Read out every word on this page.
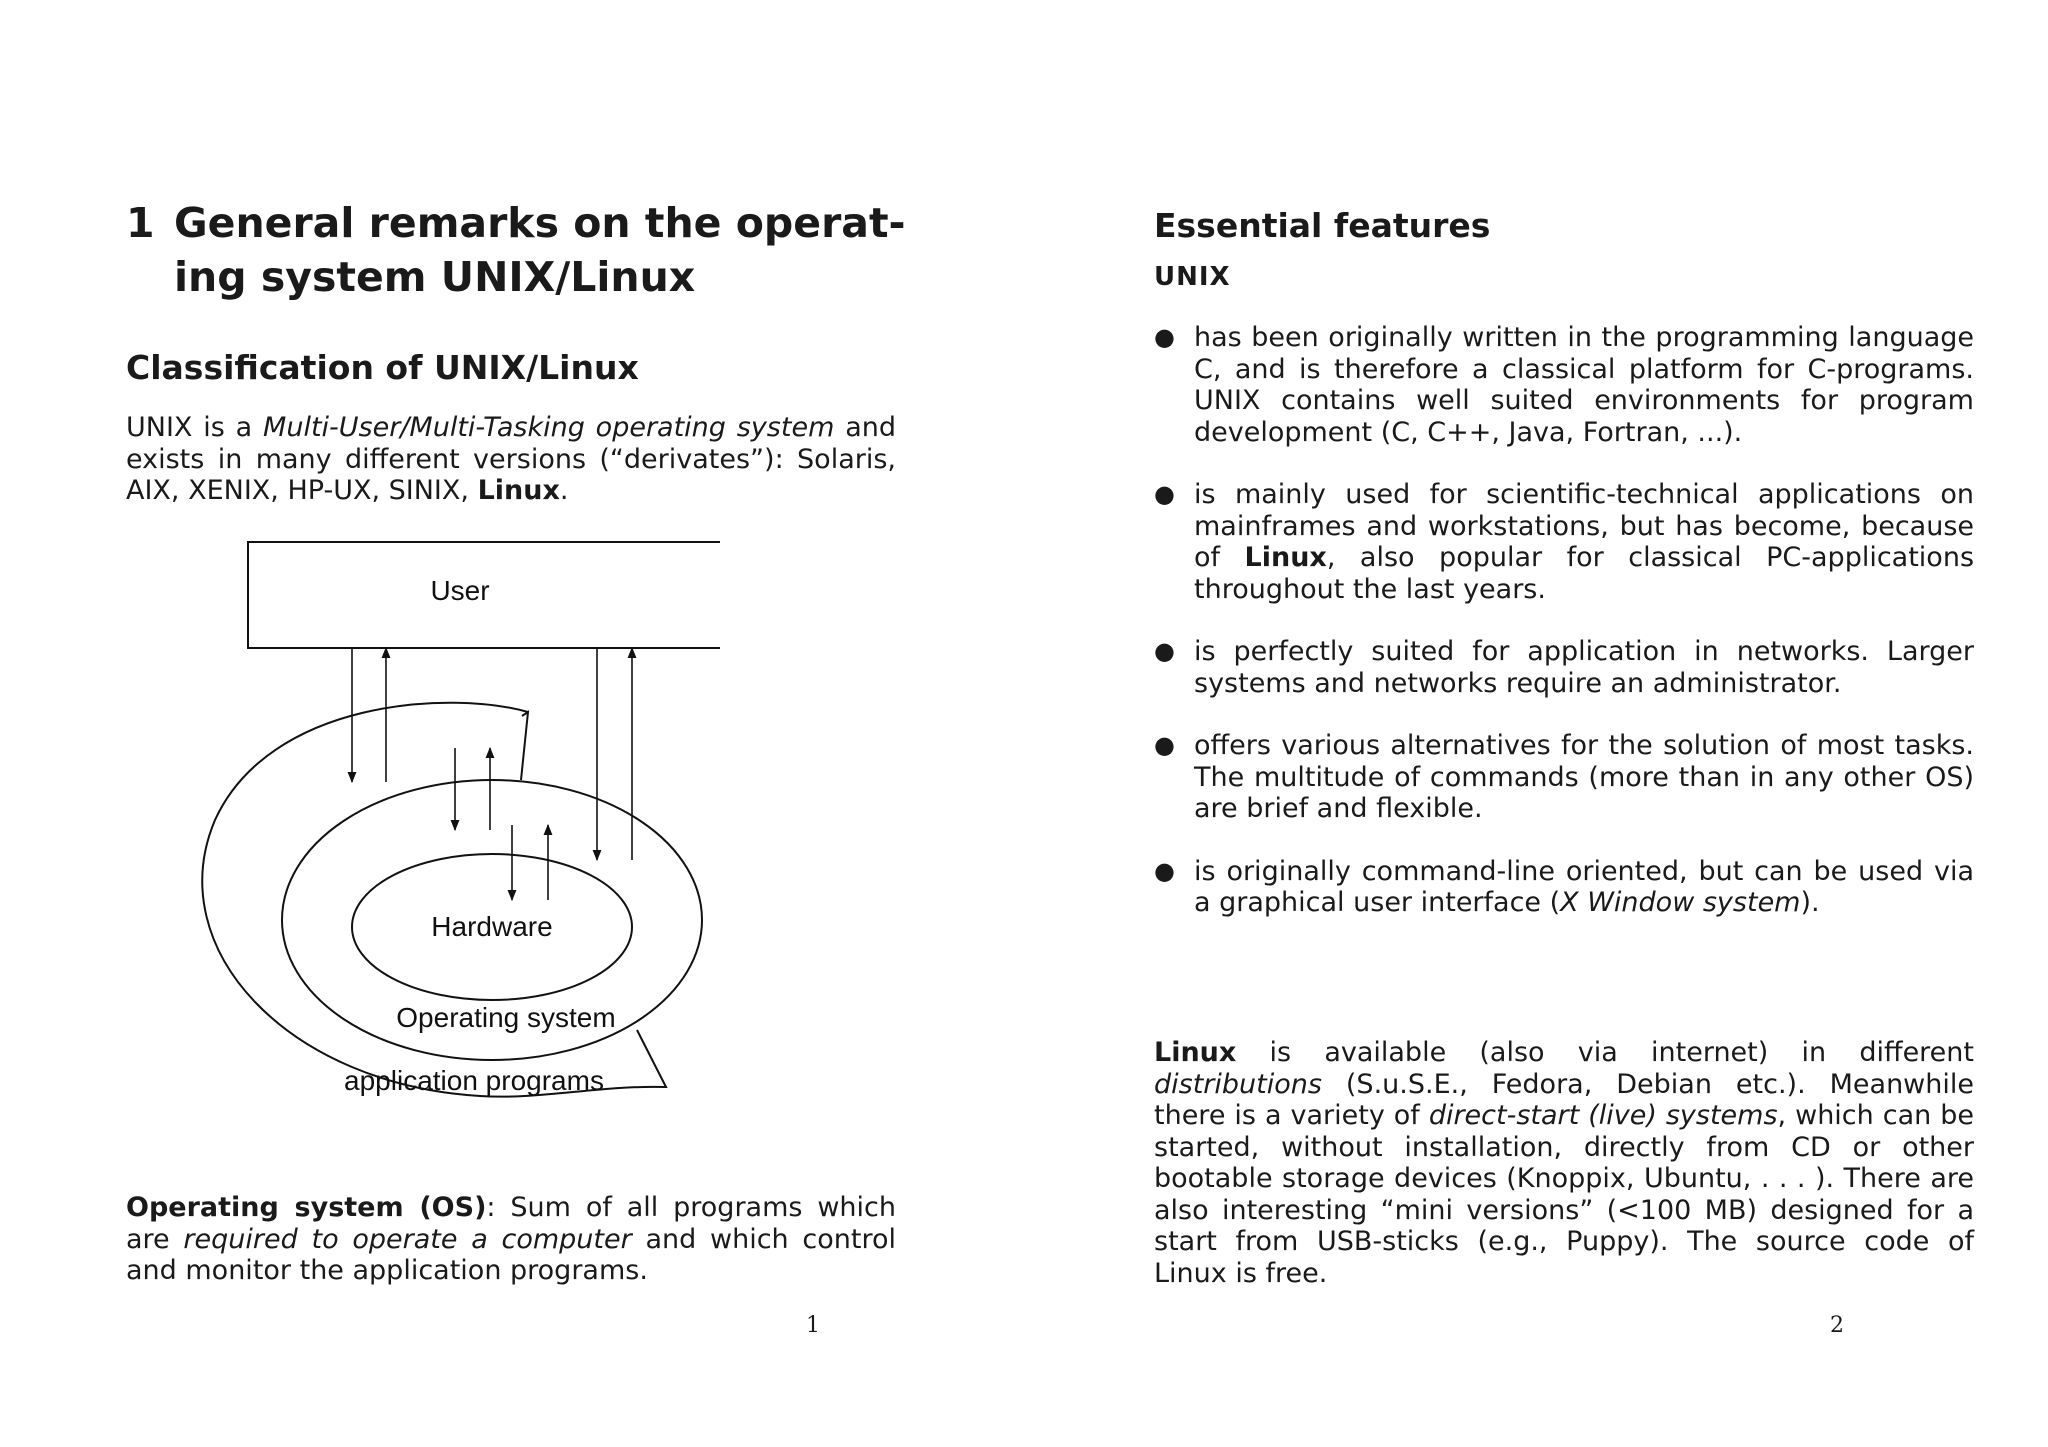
1 General remarks on the operat-
ing system UNIX/Linux
Classification of UNIX/Linux

UNIX is a Multi-User/Multi-Tasking operating system and exists in many different versions (“derivates”): Solaris, AIX, XENIX, HP-UX, SINIX, Linux.

User
Hardware
Operating system
application programs

Operating system (OS): Sum of all programs which are required to operate a computer and which control and monitor the application programs.

1
Essential features
UNIX
● has been originally written in the programming language C, and is therefore a classical platform for C-programs. UNIX contains well suited environments for program development (C, C++, Java, Fortran, ...).
● is mainly used for scientific-technical applications on mainframes and workstations, but has become, because of Linux, also popular for classical PC-applications throughout the last years.
● is perfectly suited for application in networks. Larger systems and networks require an administrator.
● offers various alternatives for the solution of most tasks. The multitude of commands (more than in any other OS) are brief and flexible.
● is originally command-line oriented, but can be used via a graphical user interface (X Window system).

Linux is available (also via internet) in different distributions (S.u.S.E., Fedora, Debian etc.). Meanwhile there is a variety of direct-start (live) systems, which can be started, without installation, directly from CD or other bootable storage devices (Knoppix, Ubuntu, . . . ). There are also interesting “mini versions” (<100 MB) designed for a start from USB-sticks (e.g., Puppy). The source code of Linux is free.

2
